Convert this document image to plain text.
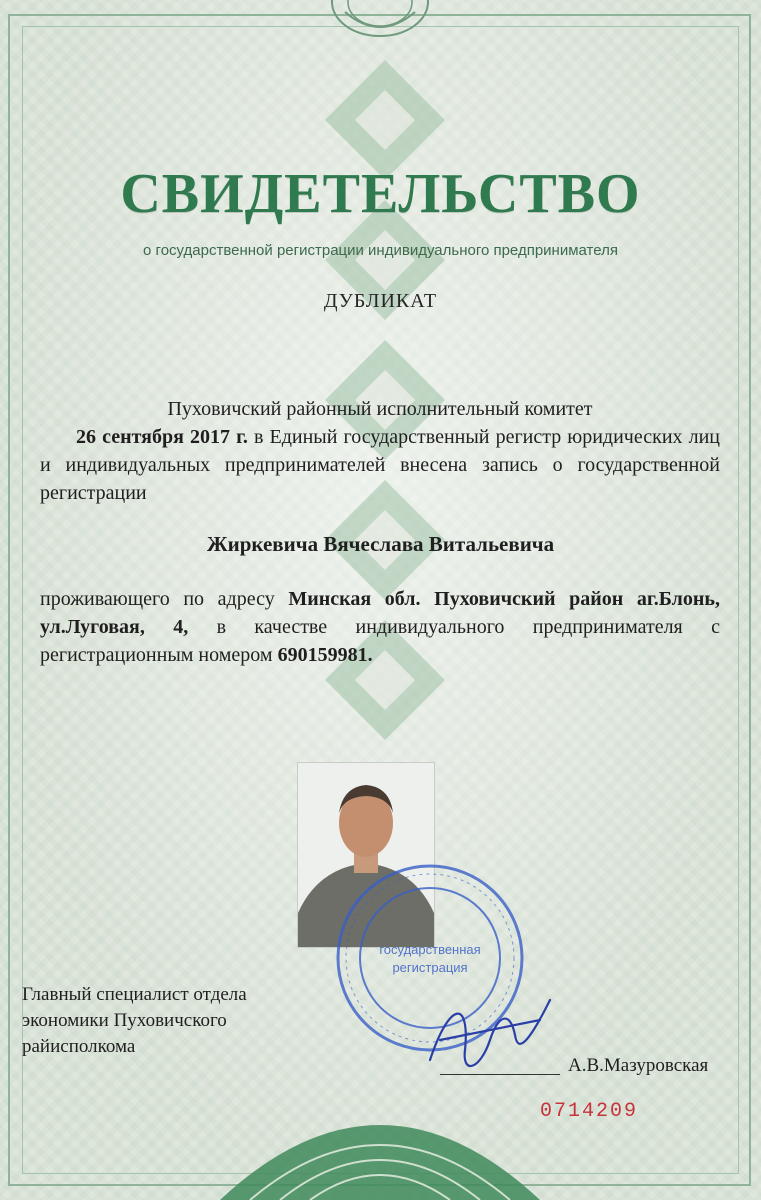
СВИДЕТЕЛЬСТВО
о государственной регистрации индивидуального предпринимателя
ДУБЛИКАТ
Пуховичский районный исполнительный комитет
26 сентября 2017 г. в Единый государственный регистр юридических лиц и индивидуальных предпринимателей внесена запись о государственной регистрации
Жиркевича Вячеслава Витальевича
проживающего по адресу Минская обл. Пуховичский район аг.Блонь, ул.Луговая, 4, в качестве индивидуального предпринимателя с регистрационным номером 690159981.
государственная
регистрация
Главный специалист отдела
экономики Пуховичского
райисполкома
А.В.Мазуровская
0714209
